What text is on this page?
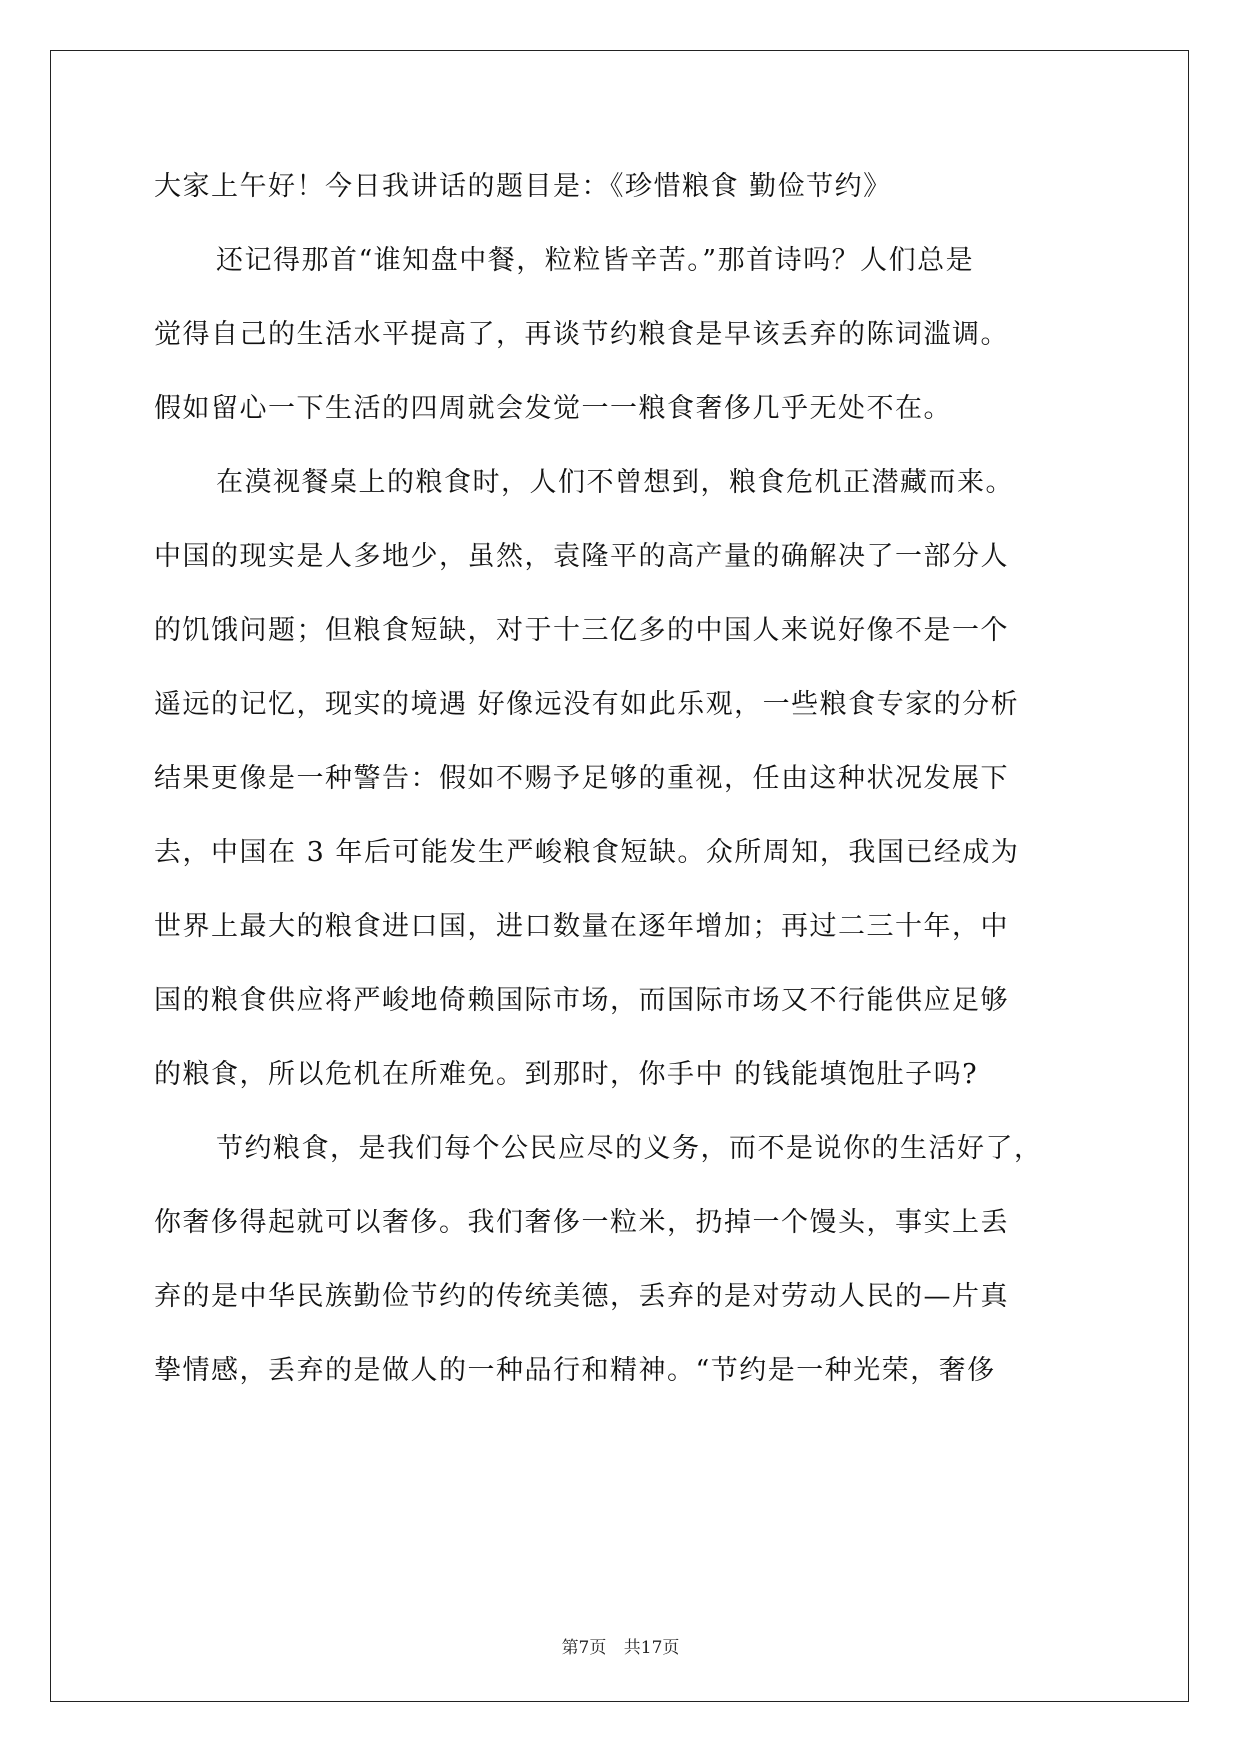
大家上午好！今日我讲话的题目是：《珍惜粮食 勤俭节约》
还记得那首“谁知盘中餐，粒粒皆辛苦。”那首诗吗？人们总是
觉得自己的生活水平提高了，再谈节约粮食是早该丢弃的陈词滥调。
假如留心一下生活的四周就会发觉一一粮食奢侈几乎无处不在。
在漠视餐桌上的粮食时，人们不曾想到，粮食危机正潜藏而来。
中国的现实是人多地少，虽然，袁隆平的高产量的确解决了一部分人
的饥饿问题；但粮食短缺，对于十三亿多的中国人来说好像不是一个
遥远的记忆，现实的境遇 好像远没有如此乐观，一些粮食专家的分析
结果更像是一种警告：假如不赐予足够的重视，任由这种状况发展下
去，中国在 3 年后可能发生严峻粮食短缺。众所周知，我国已经成为
世界上最大的粮食进口国，进口数量在逐年增加；再过二三十年，中
国的粮食供应将严峻地倚赖国际市场，而国际市场又不行能供应足够
的粮食，所以危机在所难免。到那时，你手中 的钱能填饱肚子吗?
节约粮食，是我们每个公民应尽的义务，而不是说你的生活好了，
你奢侈得起就可以奢侈。我们奢侈一粒米，扔掉一个馒头，事实上丢
弃的是中华民族勤俭节约的传统美德，丢弃的是对劳动人民的—片真
挚情感，丢弃的是做人的一种品行和精神。“节约是一种光荣，奢侈
第7页 共17页
